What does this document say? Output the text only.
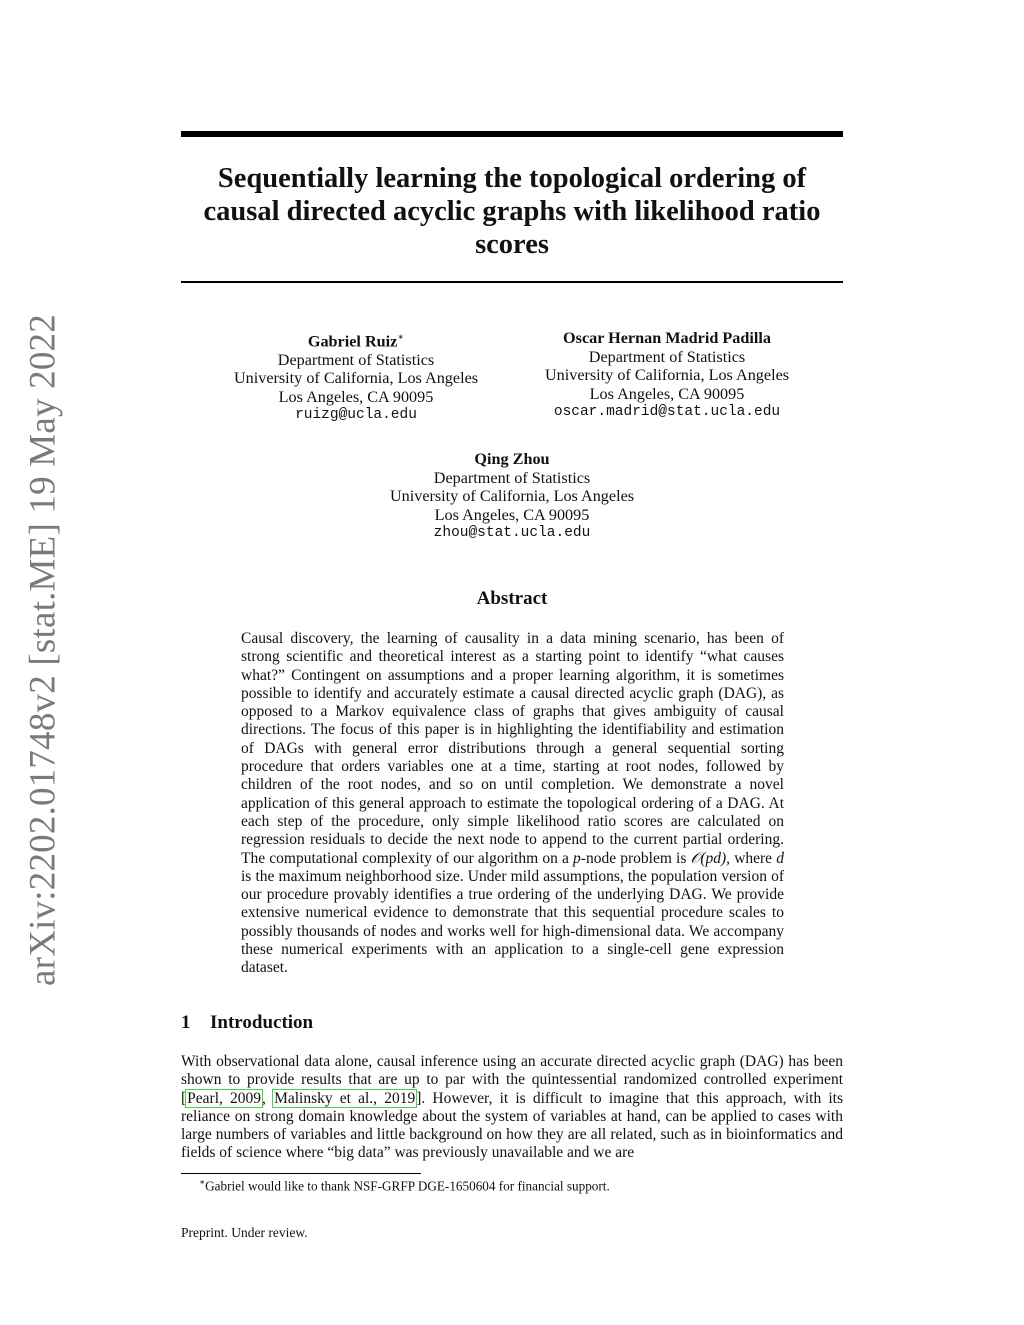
arXiv:2202.01748v2 [stat.ME] 19 May 2022
Sequentially learning the topological ordering of
causal directed acyclic graphs with likelihood ratio
scores
Gabriel Ruiz∗
Department of Statistics
University of California, Los Angeles
Los Angeles, CA 90095
ruizg@ucla.edu
Oscar Hernan Madrid Padilla
Department of Statistics
University of California, Los Angeles
Los Angeles, CA 90095
oscar.madrid@stat.ucla.edu
Qing Zhou
Department of Statistics
University of California, Los Angeles
Los Angeles, CA 90095
zhou@stat.ucla.edu
Abstract
Causal discovery, the learning of causality in a data mining scenario, has been of strong scientific and theoretical interest as a starting point to identify “what causes what?” Contingent on assumptions and a proper learning algorithm, it is sometimes possible to identify and accurately estimate a causal directed acyclic graph (DAG), as opposed to a Markov equivalence class of graphs that gives ambiguity of causal directions. The focus of this paper is in highlighting the identifiability and estimation of DAGs with general error distributions through a general sequential sorting procedure that orders variables one at a time, starting at root nodes, followed by children of the root nodes, and so on until completion. We demonstrate a novel application of this general approach to estimate the topological ordering of a DAG. At each step of the procedure, only simple likelihood ratio scores are calculated on regression residuals to decide the next node to append to the current partial ordering. The computational complexity of our algorithm on a p-node problem is 𝒪(pd), where d is the maximum neighborhood size. Under mild assumptions, the population version of our procedure provably identifies a true ordering of the underlying DAG. We provide extensive numerical evidence to demonstrate that this sequential procedure scales to possibly thousands of nodes and works well for high-dimensional data. We accompany these numerical experiments with an application to a single-cell gene expression dataset.
1 Introduction
With observational data alone, causal inference using an accurate directed acyclic graph (DAG) has been shown to provide results that are up to par with the quintessential randomized controlled experiment [Pearl, 2009, Malinsky et al., 2019]. However, it is difficult to imagine that this approach, with its reliance on strong domain knowledge about the system of variables at hand, can be applied to cases with large numbers of variables and little background on how they are all related, such as in bioinformatics and fields of science where “big data” was previously unavailable and we are
∗Gabriel would like to thank NSF-GRFP DGE-1650604 for financial support.
Preprint. Under review.
